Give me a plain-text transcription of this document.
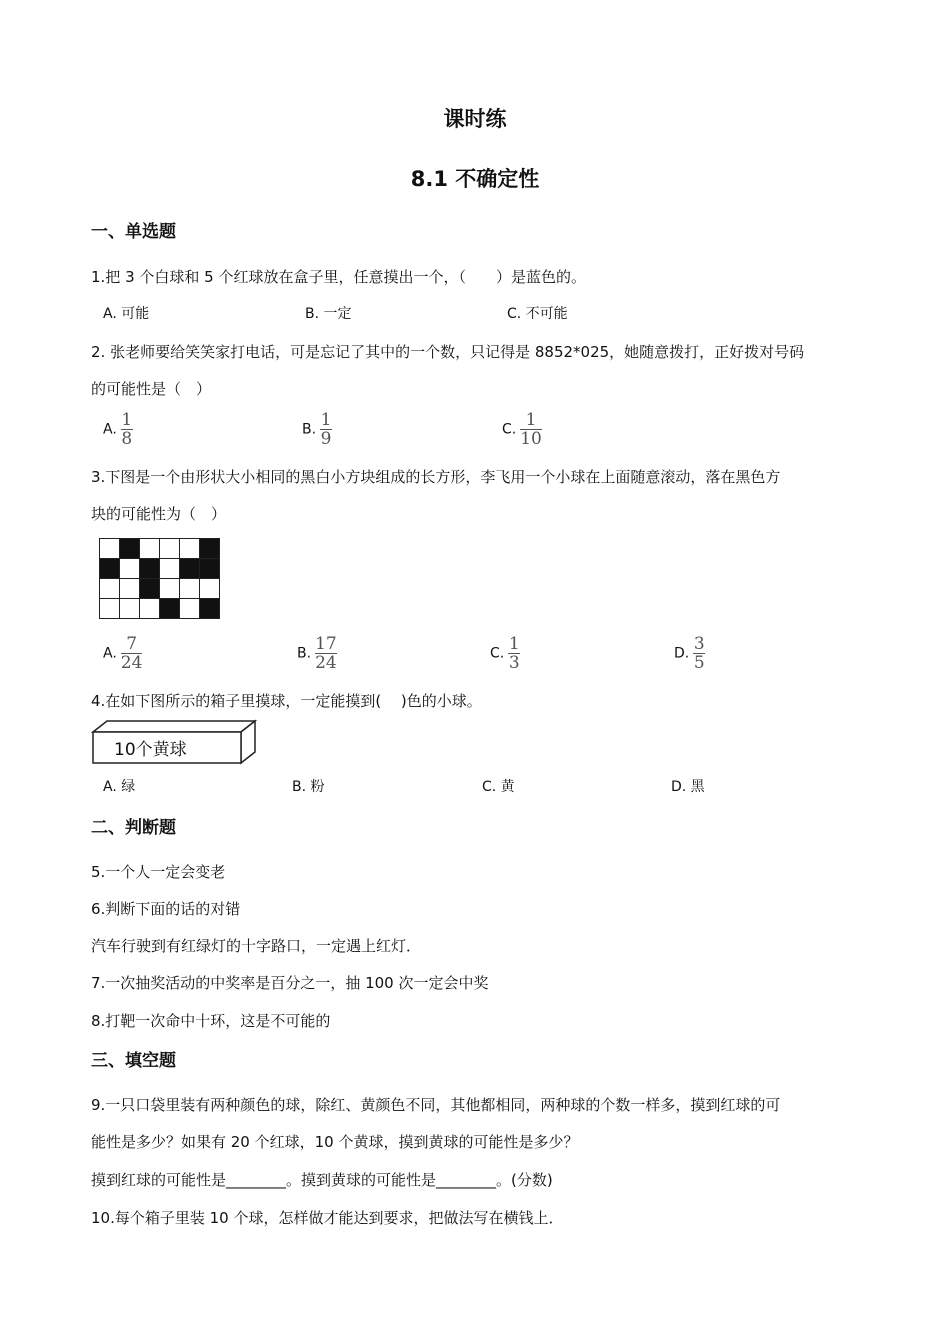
课时练
8.1 不确定性
一、单选题
1.把 3 个白球和 5 个红球放在盒子里，任意摸出一个，（　　）是蓝色的。
A. 可能	B. 一定	C. 不可能
2. 张老师要给笑笑家打电话，可是忘记了其中的一个数，只记得是 8852*025，她随意拨打，正好拨对号码
的可能性是（　）
A. $\frac{1}{8}$	B. $\frac{1}{9}$	C. $\frac{1}{10}$
3.下图是一个由形状大小相同的黑白小方块组成的长方形，李飞用一个小球在上面随意滚动，落在黑色方
块的可能性为（　）

A. $\frac{7}{24}$	B. $\frac{17}{24}$	C. $\frac{1}{3}$	D. $\frac{3}{5}$
4.在如下图所示的箱子里摸球，一定能摸到(　 )色的小球。
10个黄球
A. 绿	B. 粉	C. 黄	D. 黑
二、判断题
5.一个人一定会变老
6.判断下面的话的对错
汽车行驶到有红绿灯的十字路口，一定遇上红灯．
7.一次抽奖活动的中奖率是百分之一，抽 100 次一定会中奖
8.打靶一次命中十环，这是不可能的
三、填空题
9.一只口袋里装有两种颜色的球，除红、黄颜色不同，其他都相同，两种球的个数一样多，摸到红球的可
能性是多少？如果有 20 个红球，10 个黄球，摸到黄球的可能性是多少？
摸到红球的可能性是________。摸到黄球的可能性是________。(分数)
10.每个箱子里装 10 个球，怎样做才能达到要求，把做法写在横钱上．
